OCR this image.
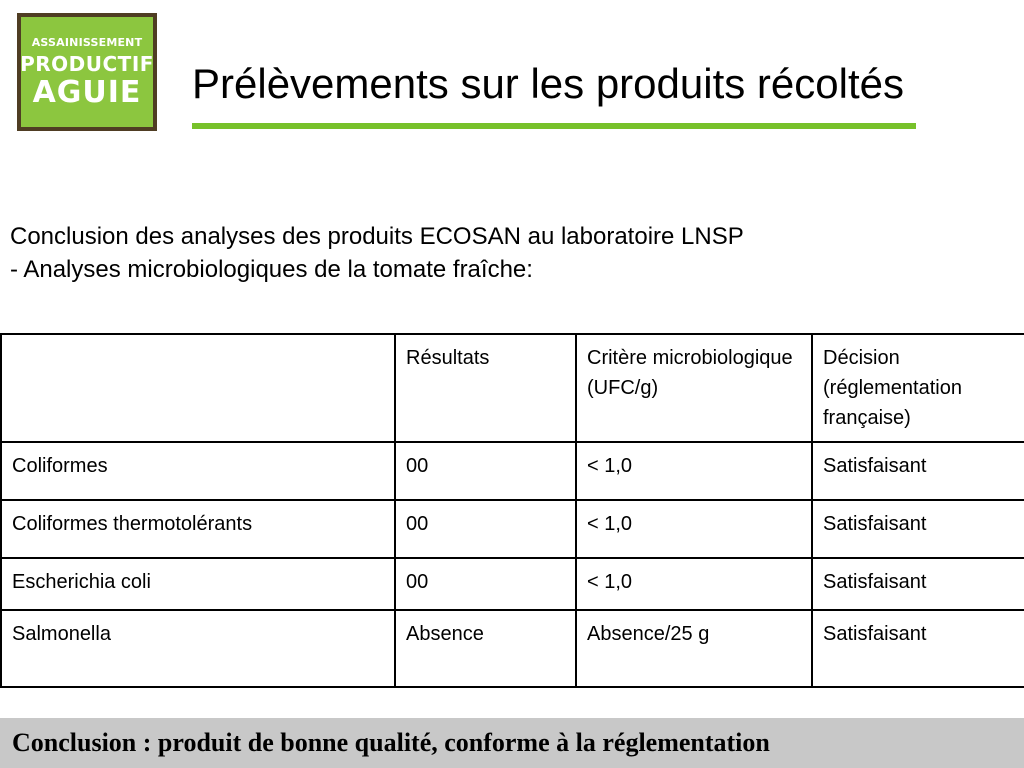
ASSAINISSEMENT
PRODUCTIF
AGUIE Prélèvements sur les produits récoltés
Conclusion des analyses des produits ECOSAN au laboratoire LNSP
- Analyses microbiologiques de la tomate fraîche:
	Résultats	Critère microbiologique (UFC/g)	Décision (réglementation française)
Coliformes	00	< 1,0	Satisfaisant
Coliformes thermotolérants	00	< 1,0	Satisfaisant
Escherichia coli	00	< 1,0	Satisfaisant
Salmonella	Absence	Absence/25 g	Satisfaisant
Conclusion : produit de bonne qualité, conforme à la réglementation
